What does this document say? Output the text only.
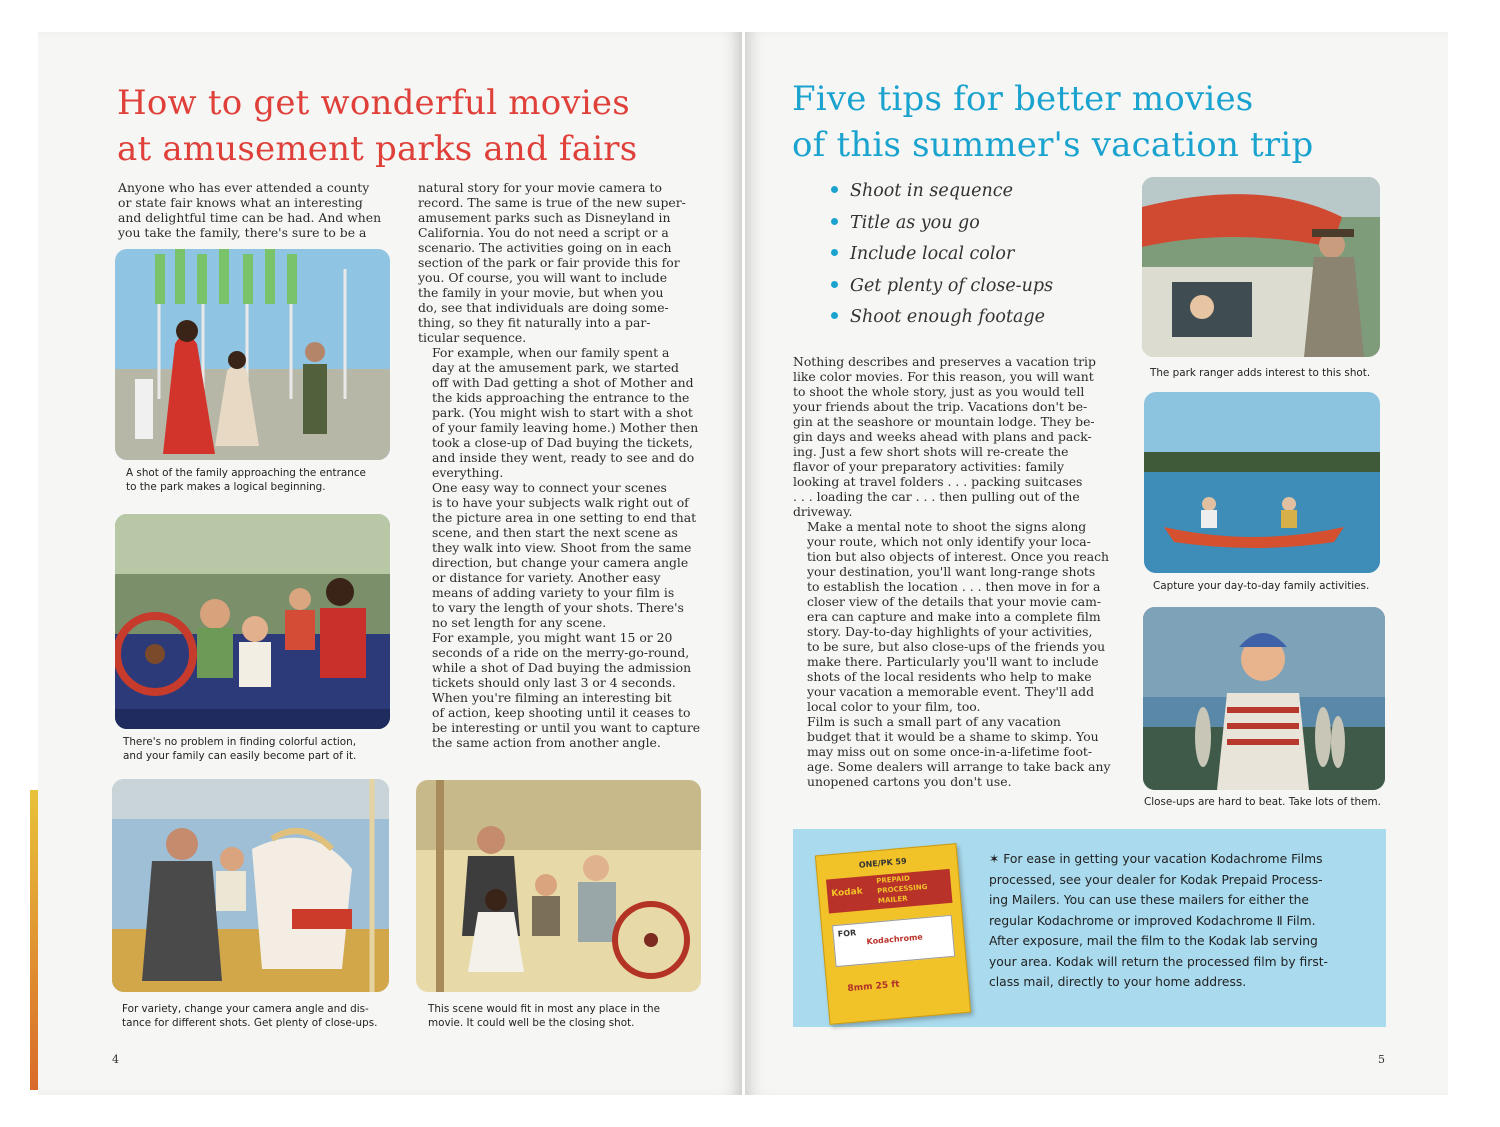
How to get wonderful movies
at amusement parks and fairs
Anyone who has ever attended a county
or state fair knows what an interesting
and delightful time can be had. And when
you take the family, there's sure to be a
A shot of the family approaching the entrance
to the park makes a logical beginning.
There's no problem in finding colorful action,
and your family can easily become part of it.
For variety, change your camera angle and dis-
tance for different shots. Get plenty of close-ups.
This scene would fit in most any place in the
movie. It could well be the closing shot.

natural story for your movie camera to
record. The same is true of the new super-
amusement parks such as Disneyland in
California. You do not need a script or a
scenario. The activities going on in each
section of the park or fair provide this for
you. Of course, you will want to include
the family in your movie, but when you
do, see that individuals are doing some-
thing, so they fit naturally into a par-
ticular sequence.

For example, when our family spent a
day at the amusement park, we started
off with Dad getting a shot of Mother and
the kids approaching the entrance to the
park. (You might wish to start with a shot
of your family leaving home.) Mother then
took a close-up of Dad buying the tickets,
and inside they went, ready to see and do
everything.

One easy way to connect your scenes
is to have your subjects walk right out of
the picture area in one setting to end that
scene, and then start the next scene as
they walk into view. Shoot from the same
direction, but change your camera angle
or distance for variety. Another easy
means of adding variety to your film is
to vary the length of your shots. There's
no set length for any scene.

For example, you might want 15 or 20
seconds of a ride on the merry-go-round,
while a shot of Dad buying the admission
tickets should only last 3 or 4 seconds.

When you're filming an interesting bit
of action, keep shooting until it ceases to
be interesting or until you want to capture
the same action from another angle.

4
Five tips for better movies
of this summer's vacation trip
Shoot in sequence
Title as you go
Include local color
Get plenty of close-ups
Shoot enough footage

Nothing describes and preserves a vacation trip
like color movies. For this reason, you will want
to shoot the whole story, just as you would tell
your friends about the trip. Vacations don't be-
gin at the seashore or mountain lodge. They be-
gin days and weeks ahead with plans and pack-
ing. Just a few short shots will re-create the
flavor of your preparatory activities: family
looking at travel folders . . . packing suitcases
. . . loading the car . . . then pulling out of the
driveway.

Make a mental note to shoot the signs along
your route, which not only identify your loca-
tion but also objects of interest. Once you reach
your destination, you'll want long-range shots
to establish the location . . . then move in for a
closer view of the details that your movie cam-
era can capture and make into a complete film
story. Day-to-day highlights of your activities,
to be sure, but also close-ups of the friends you
make there. Particularly you'll want to include
shots of the local residents who help to make
your vacation a memorable event. They'll add
local color to your film, too.

Film is such a small part of any vacation
budget that it would be a shame to skimp. You
may miss out on some once-in-a-lifetime foot-
age. Some dealers will arrange to take back any
unopened cartons you don't use.

The park ranger adds interest to this shot.
Capture your day-to-day family activities.
Close-ups are hard to beat. Take lots of them.
ONE/PK 59
Kodak
PREPAID
PROCESSING
MAILER
FOR Kodachrome
8mm 25 ft
✶ For ease in getting your vacation Kodachrome Films
processed, see your dealer for Kodak Prepaid Process-
ing Mailers. You can use these mailers for either the
regular Kodachrome or improved Kodachrome Ⅱ Film.
After exposure, mail the film to the Kodak lab serving
your area. Kodak will return the processed film by first-
class mail, directly to your home address.
5
